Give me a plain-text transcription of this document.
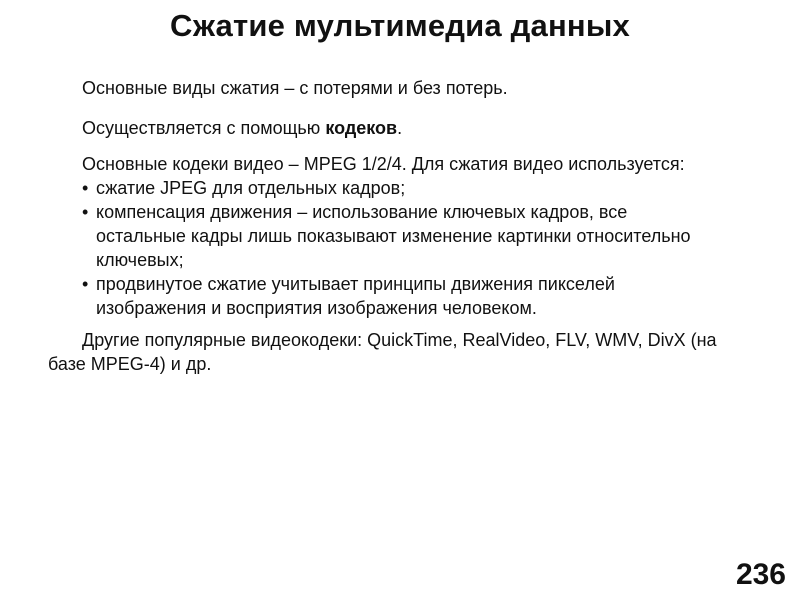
Сжатие мультимедиа данных
Основные виды сжатия – с потерями и без потерь.
Осуществляется с помощью кодеков.
Основные кодеки видео – MPEG 1/2/4. Для сжатия видео используется:
• сжатие JPEG для отдельных кадров;
• компенсация движения – использование ключевых кадров, все
остальные кадры лишь показывают изменение картинки относительно
ключевых;
• продвинутое сжатие учитывает принципы движения пикселей
изображения и восприятия изображения человеком.
Другие популярные видеокодеки: QuickTime, RealVideo, FLV, WMV, DivX (на
базе MPEG-4) и др.
236
